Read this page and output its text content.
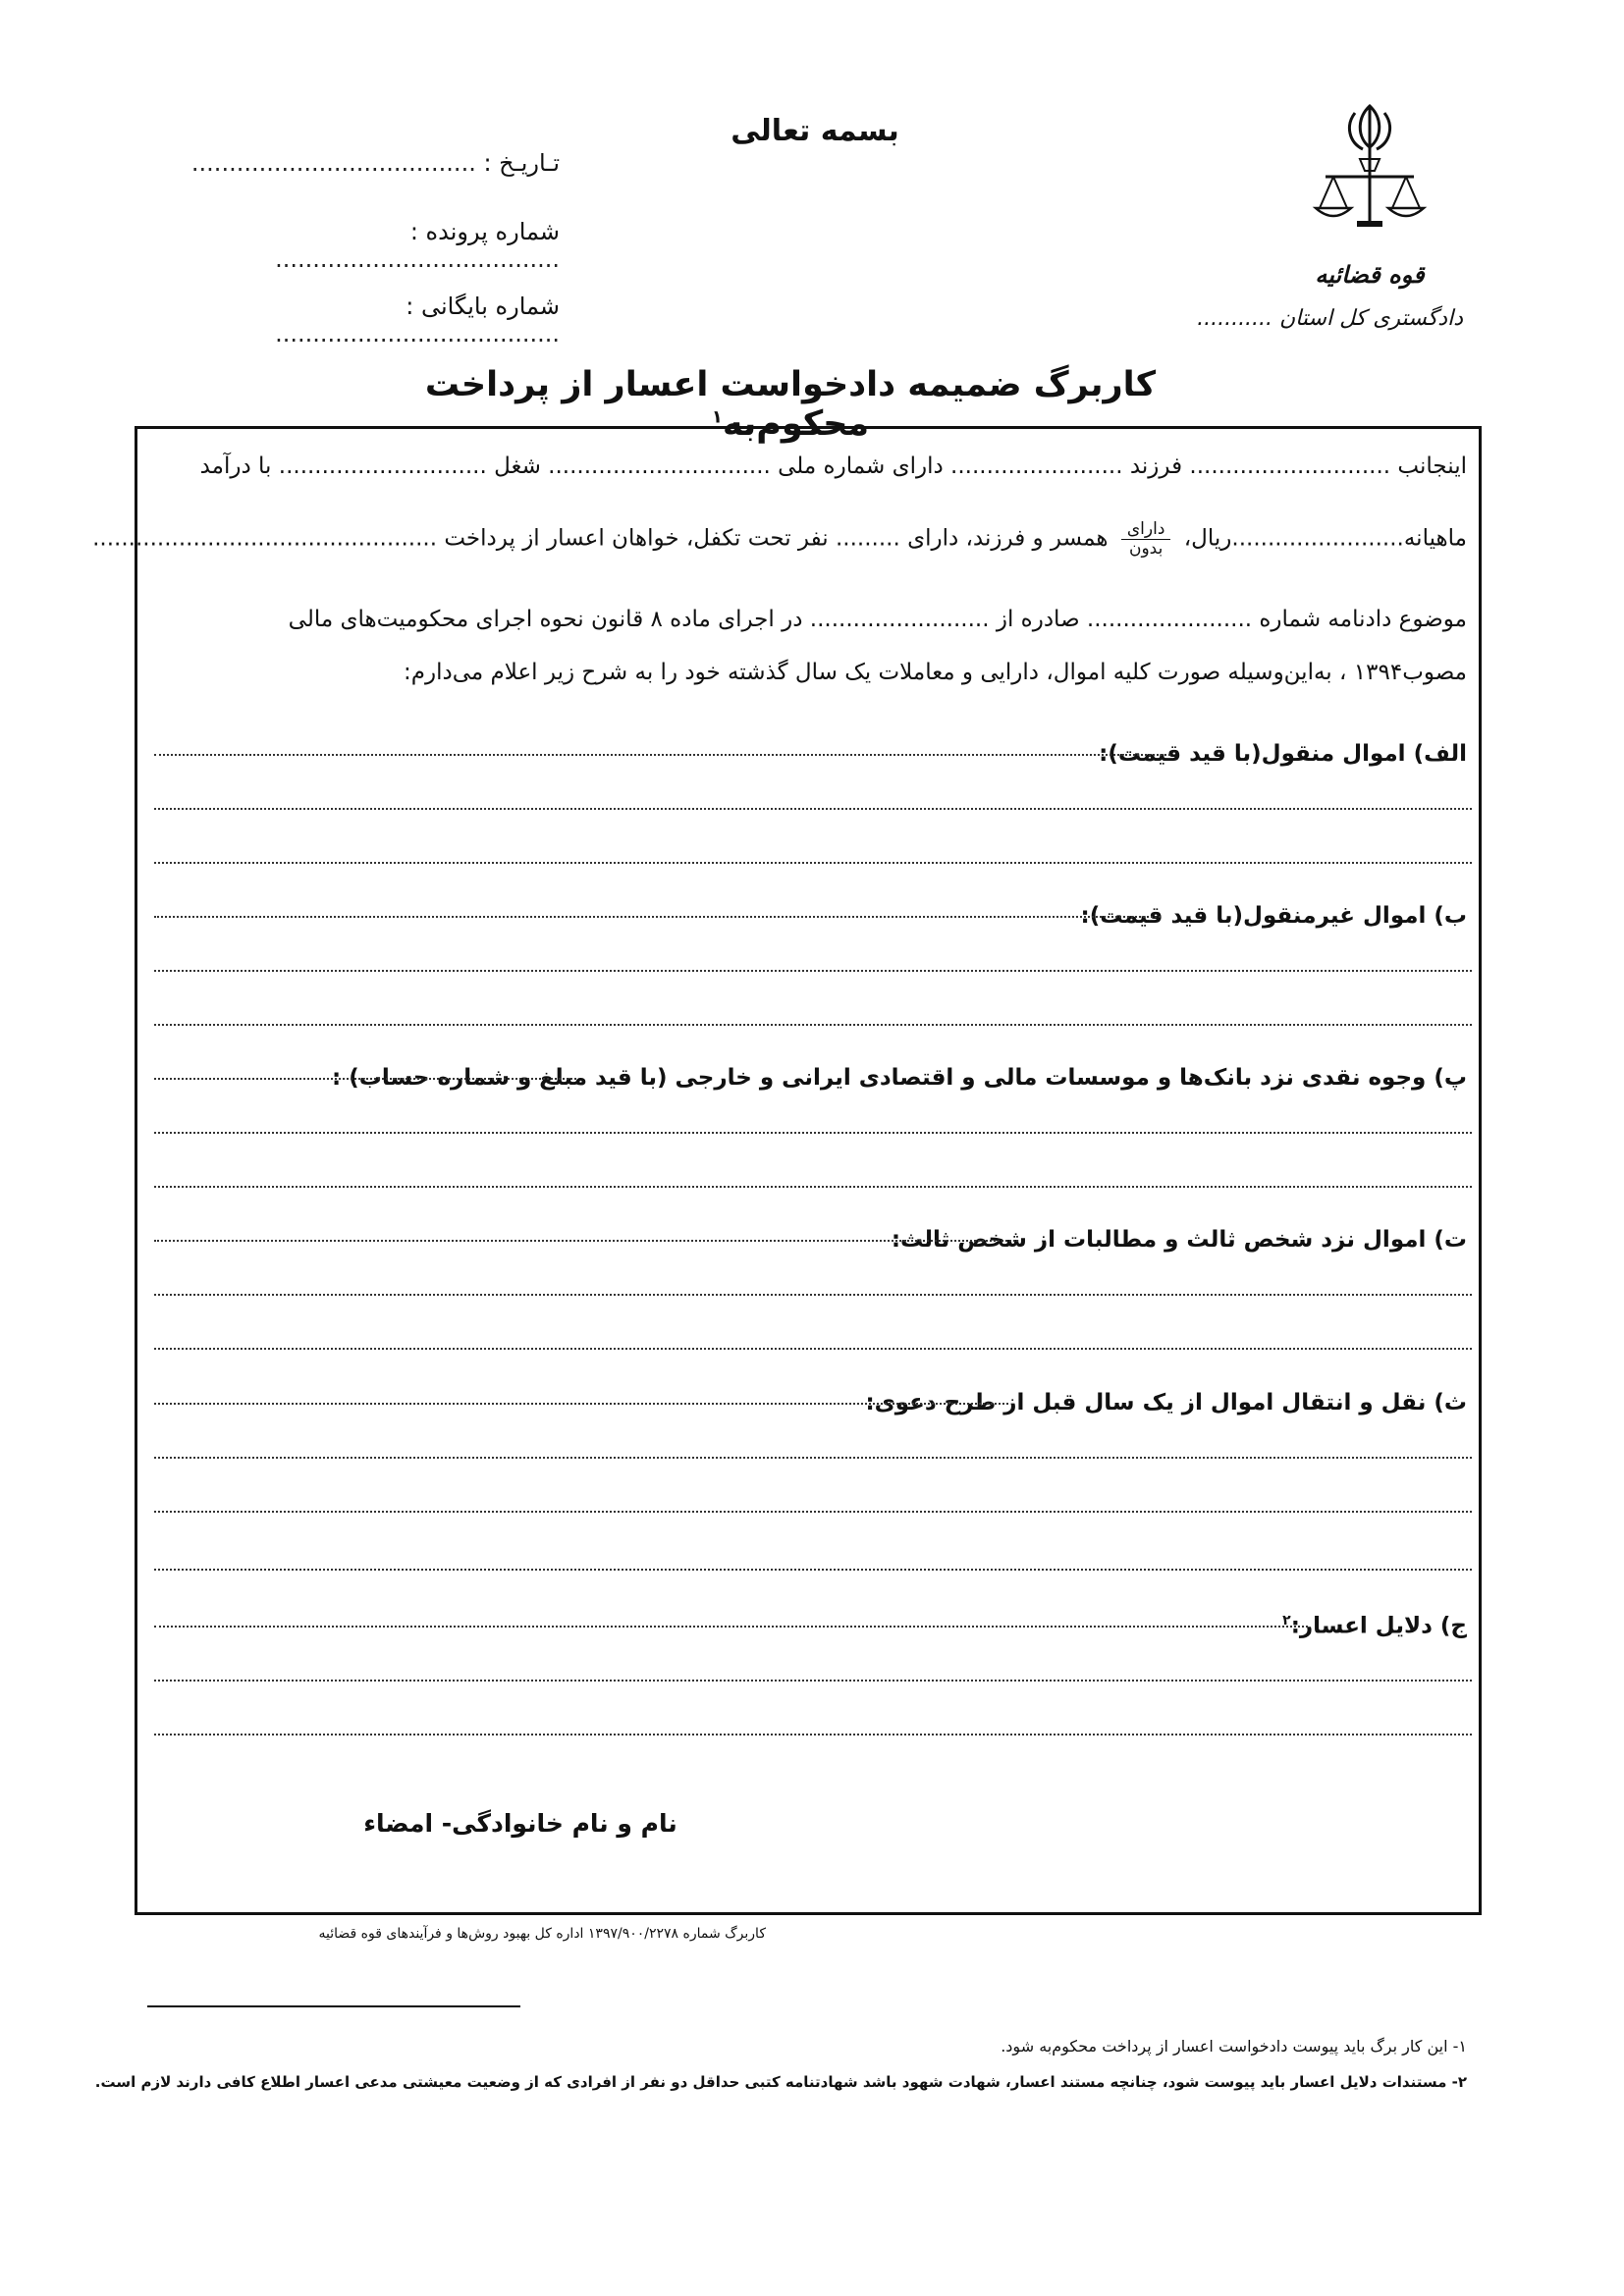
بسمه تعالی
تـاریـخ : ......................................
شماره پرونده : ......................................
شماره بایگانی : ......................................
قوه قضائیه
دادگستری کل استان ...........
کاربرگ ضمیمه دادخواست اعسار از پرداخت محکوم‌به$^۱$
اینجانب ............................ فرزند ........................ دارای شماره ملی ............................... شغل ............................. با درآمد
ماهیانه........................ریال،
$\frac{\text{دارای}}{\text{بدون}}$
همسر و فرزند، دارای ......... نفر تحت تکفل، خواهان اعسار از پرداخت ................................................
موضوع دادنامه شماره ....................... صادره از ......................... در اجرای ماده ۸ قانون نحوه اجرای محکومیت‌های مالی
مصوب۱۳۹۴ ، به‌این‌وسیله صورت کلیه اموال، دارایی و معاملات یک سال گذشته خود را به شرح زیر اعلام می‌دارم:
الف) اموال منقول(با قید قیمت):
ب) اموال غیرمنقول(با قید قیمت):
پ) وجوه نقدی نزد بانک‌ها و موسسات مالی و اقتصادی ایرانی و خارجی (با قید مبلغ و شماره حساب) :
ت) اموال نزد شخص ثالث و مطالبات از شخص ثالث:
ث) نقل و انتقال اموال از یک سال قبل از طرح دعوی:
ج) دلایل اعسار:$^۲$
نام و نام خانوادگی- امضاء
کاربرگ شماره ۱۳۹۷/۹۰۰/۲۲۷۸ اداره کل بهبود روش‌ها و فرآیندهای قوه قضائیه
۱- این کار برگ باید پیوست دادخواست اعسار از پرداخت محکوم‌به شود.
۲- مستندات دلایل اعسار باید پیوست شود، چنانچه مستند اعسار، شهادت شهود باشد شهادتنامه کتبی حداقل دو نفر از افرادی که از وضعیت معیشتی مدعی اعسار اطلاع کافی دارند لازم است.
